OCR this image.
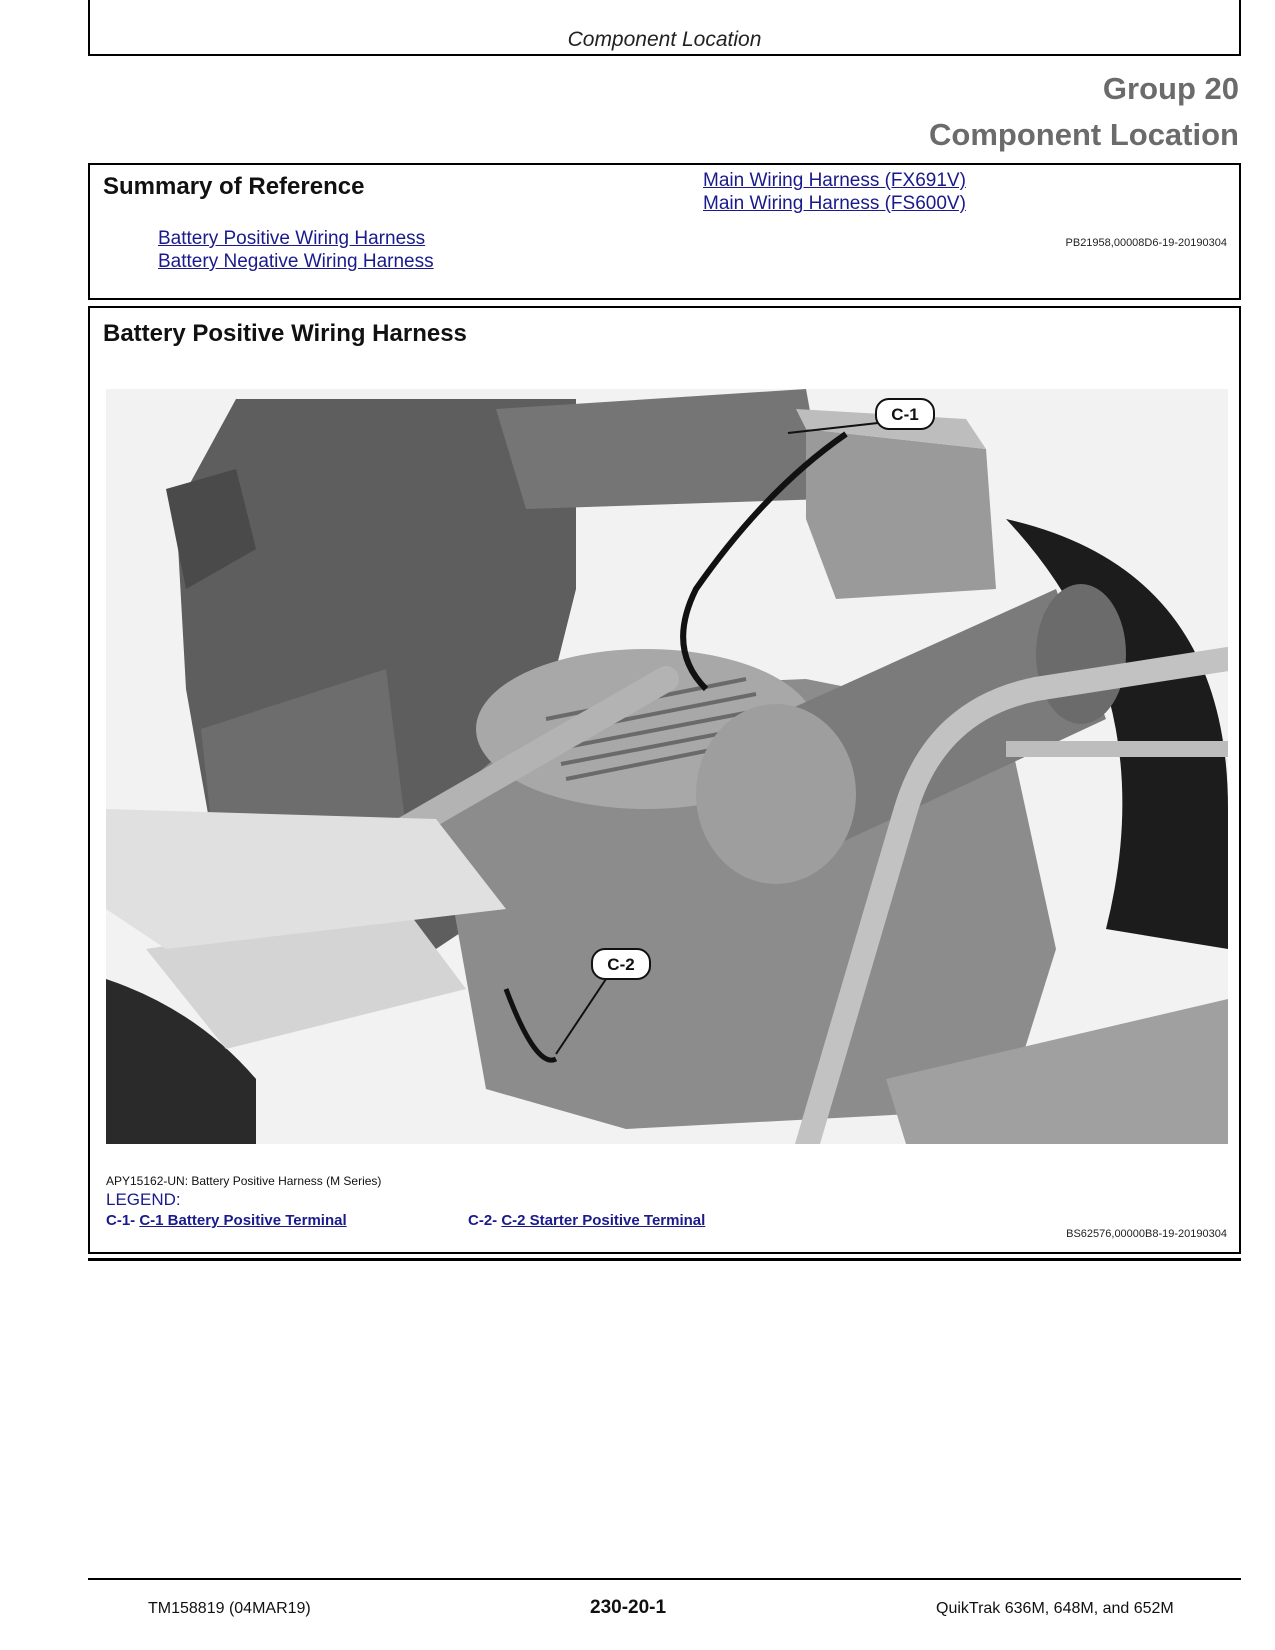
Component Location
Group 20
Component Location
Summary of Reference	Main Wiring Harness (FX691V)
Main Wiring Harness (FS600V)
Battery Positive Wiring Harness
Battery Negative Wiring Harness
PB21958,00008D6-19-20190304
Battery Positive Wiring Harness
C-1
C-2
APY15162-UN: Battery Positive Harness (M Series)
LEGEND:
C-1- C-1 Battery Positive Terminal	C-2- C-2 Starter Positive Terminal
BS62576,00000B8-19-20190304
TM158819 (04MAR19)	230-20-1	QuikTrak 636M, 648M, and 652M
